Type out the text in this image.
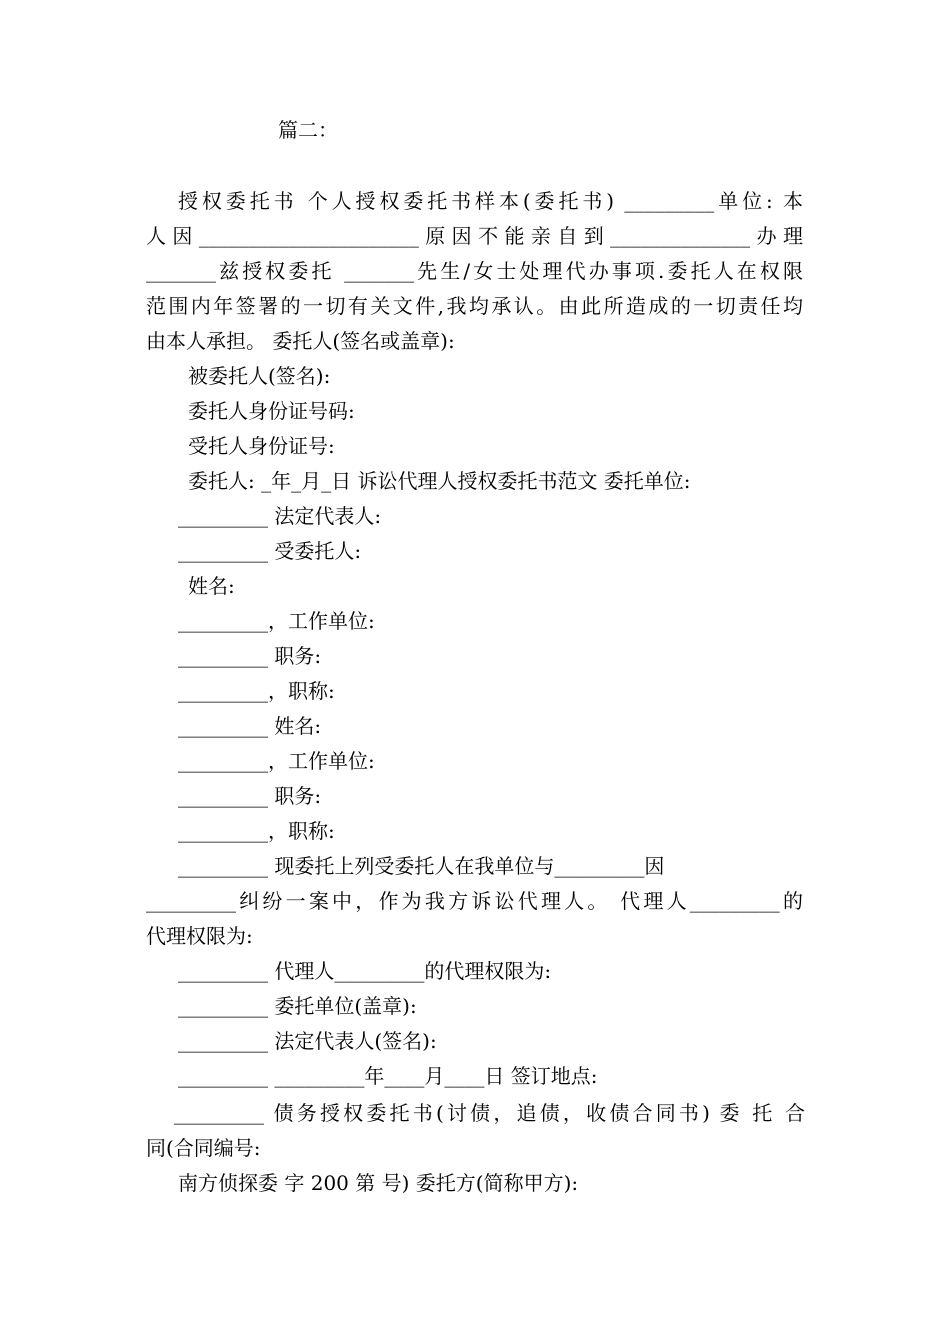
篇二：

授权委托书 个人授权委托书样本(委托书) _________单位: 本

人因______________________原因不能亲自到______________办理

_______兹授权委托 _______先生/女士处理代办事项.委托人在权限

范围内年签署的一切有关文件,我均承认。由此所造成的一切责任均

由本人承担。 委托人(签名或盖章):

被委托人(签名):

委托人身份证号码:

受托人身份证号:

委托人: _年_月_日 诉讼代理人授权委托书范文 委托单位:

_________ 法定代表人:

_________ 受委托人:

姓名:

_________，工作单位:

_________ 职务:

_________，职称:

_________ 姓名:

_________，工作单位:

_________ 职务:

_________，职称:

_________ 现委托上列受委托人在我单位与_________因

_________纠纷一案中，作为我方诉讼代理人。 代理人_________的

代理权限为:

_________ 代理人_________的代理权限为:

_________ 委托单位(盖章):

_________ 法定代表人(签名):

_________ _________年____月____日 签订地点:

_________ 债务授权委托书(讨债，追债，收债合同书) 委 托 合

同(合同编号:

南方侦探委 字 200 第 号) 委托方(简称甲方):
